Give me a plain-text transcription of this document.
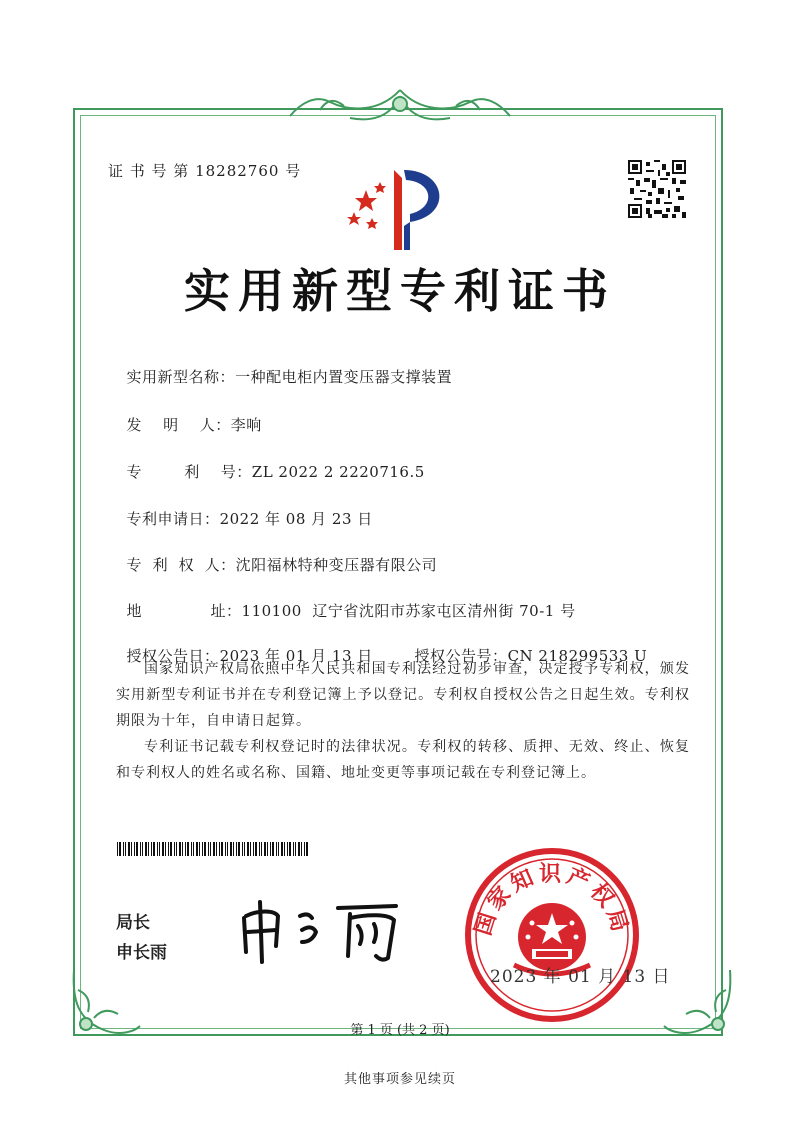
证 书 号 第 18282760 号
实用新型专利证书

实用新型名称：一种配电柜内置变压器支撑装置

发    明    人：李响

专        利    号：ZL 2022 2 2220716.5

专利申请日：2022 年 08 月 23 日

专  利  权  人：沈阳福林特种变压器有限公司

地             址：110100  辽宁省沈阳市苏家屯区清州街 70-1 号

授权公告日：2023 年 01 月 13 日	授权公告号：CN 218299533 U

国家知识产权局依照中华人民共和国专利法经过初步审查，决定授予专利权，颁发实用新型专利证书并在专利登记簿上予以登记。专利权自授权公告之日起生效。专利权期限为十年，自申请日起算。
专利证书记载专利权登记时的法律状况。专利权的转移、质押、无效、终止、恢复和专利权人的姓名或名称、国籍、地址变更等事项记载在专利登记簿上。
局长
申长雨
国家知识产权局
2023 年 01 月 13 日
第 1 页 (共 2 页)
其他事项参见续页
